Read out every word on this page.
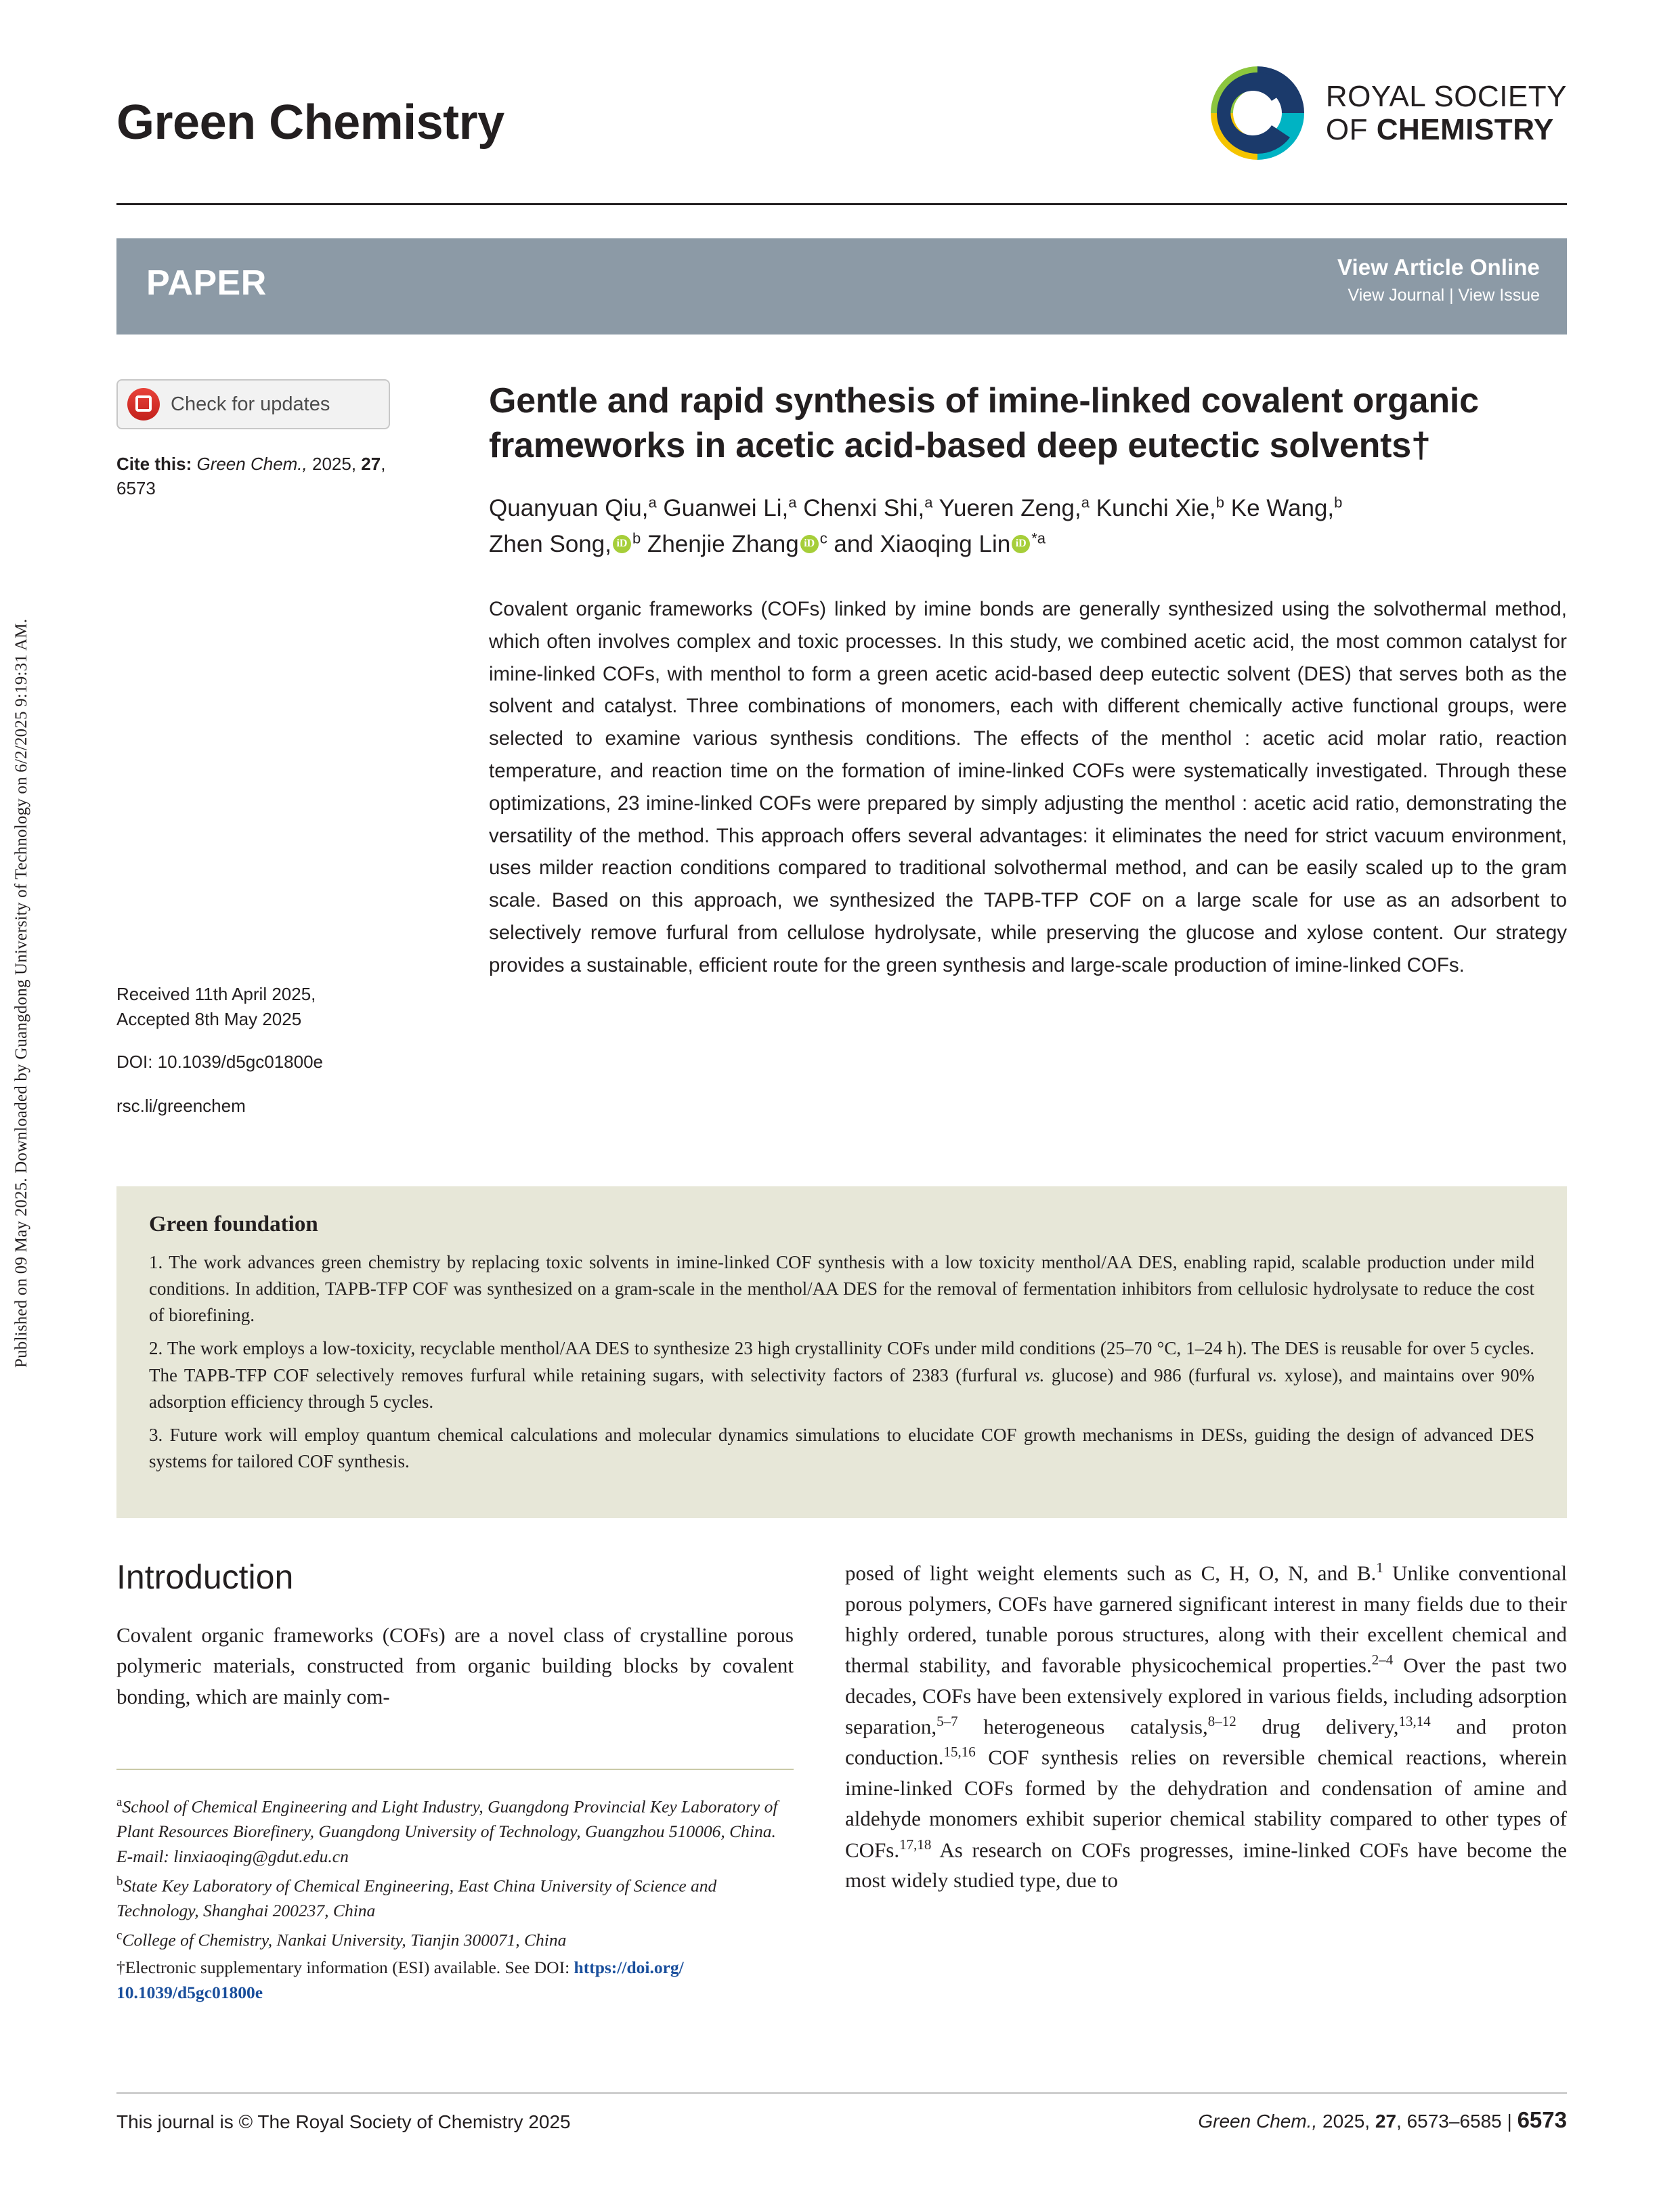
Published on 09 May 2025. Downloaded by Guangdong University of Technology on 6/2/2025 9:19:31 AM.
Green Chemistry	ROYAL SOCIETY
OF CHEMISTRY
PAPER	View Article Online
View Journal | View Issue
Check for updates
Cite this: Green Chem., 2025, 27,
6573
Received 11th April 2025,
Accepted 8th May 2025
DOI: 10.1039/d5gc01800e
rsc.li/greenchem
Gentle and rapid synthesis of imine-linked covalent organic frameworks in acetic acid-based deep eutectic solvents†
Quanyuan Qiu,$^a$ Guanwei Li,$^a$ Chenxi Shi,$^a$ Yueren Zeng,$^a$ Kunchi Xie,$^b$ Ke Wang,$^b$
Zhen Song, iD $^b$ Zhenjie Zhang iD $^c$ and Xiaoqing Lin iD $^{*a}$
Covalent organic frameworks (COFs) linked by imine bonds are generally synthesized using the solvothermal method, which often involves complex and toxic processes. In this study, we combined acetic acid, the most common catalyst for imine-linked COFs, with menthol to form a green acetic acid-based deep eutectic solvent (DES) that serves both as the solvent and catalyst. Three combinations of monomers, each with different chemically active functional groups, were selected to examine various synthesis conditions. The effects of the menthol : acetic acid molar ratio, reaction temperature, and reaction time on the formation of imine-linked COFs were systematically investigated. Through these optimizations, 23 imine-linked COFs were prepared by simply adjusting the menthol : acetic acid ratio, demonstrating the versatility of the method. This approach offers several advantages: it eliminates the need for strict vacuum environment, uses milder reaction conditions compared to traditional solvothermal method, and can be easily scaled up to the gram scale. Based on this approach, we synthesized the TAPB-TFP COF on a large scale for use as an adsorbent to selectively remove furfural from cellulose hydrolysate, while preserving the glucose and xylose content. Our strategy provides a sustainable, efficient route for the green synthesis and large-scale production of imine-linked COFs.
Green foundation

1. The work advances green chemistry by replacing toxic solvents in imine-linked COF synthesis with a low toxicity menthol/AA DES, enabling rapid, scalable production under mild conditions. In addition, TAPB-TFP COF was synthesized on a gram-scale in the menthol/AA DES for the removal of fermentation inhibitors from cellulosic hydrolysate to reduce the cost of biorefining.

2. The work employs a low-toxicity, recyclable menthol/AA DES to synthesize 23 high crystallinity COFs under mild conditions (25–70 °C, 1–24 h). The DES is reusable for over 5 cycles. The TAPB-TFP COF selectively removes furfural while retaining sugars, with selectivity factors of 2383 (furfural vs. glucose) and 986 (furfural vs. xylose), and maintains over 90% adsorption efficiency through 5 cycles.

3. Future work will employ quantum chemical calculations and molecular dynamics simulations to elucidate COF growth mechanisms in DESs, guiding the design of advanced DES systems for tailored COF synthesis.

Introduction

Covalent organic frameworks (COFs) are a novel class of crystalline porous polymeric materials, constructed from organic building blocks by covalent bonding, which are mainly com-

posed of light weight elements such as C, H, O, N, and B.$^1$ Unlike conventional porous polymers, COFs have garnered significant interest in many fields due to their highly ordered, tunable porous structures, along with their excellent chemical and thermal stability, and favorable physicochemical properties.$^{2-4}$ Over the past two decades, COFs have been extensively explored in various fields, including adsorption separation,$^{5-7}$ heterogeneous catalysis,$^{8-12}$ drug delivery,$^{13,14}$ and proton conduction.$^{15,16}$ COF synthesis relies on reversible chemical reactions, wherein imine-linked COFs formed by the dehydration and condensation of amine and aldehyde monomers exhibit superior chemical stability compared to other types of COFs.$^{17,18}$ As research on COFs progresses, imine-linked COFs have become the most widely studied type, due to

$^a$School of Chemical Engineering and Light Industry, Guangdong Provincial Key Laboratory of Plant Resources Biorefinery, Guangdong University of Technology, Guangzhou 510006, China. E-mail: linxiaoqing@gdut.edu.cn

$^b$State Key Laboratory of Chemical Engineering, East China University of Science and Technology, Shanghai 200237, China

$^c$College of Chemistry, Nankai University, Tianjin 300071, China

†Electronic supplementary information (ESI) available. See DOI: https://doi.org/
10.1039/d5gc01800e

This journal is © The Royal Society of Chemistry 2025	Green Chem., 2025, 27, 6573–6585 | 6573
